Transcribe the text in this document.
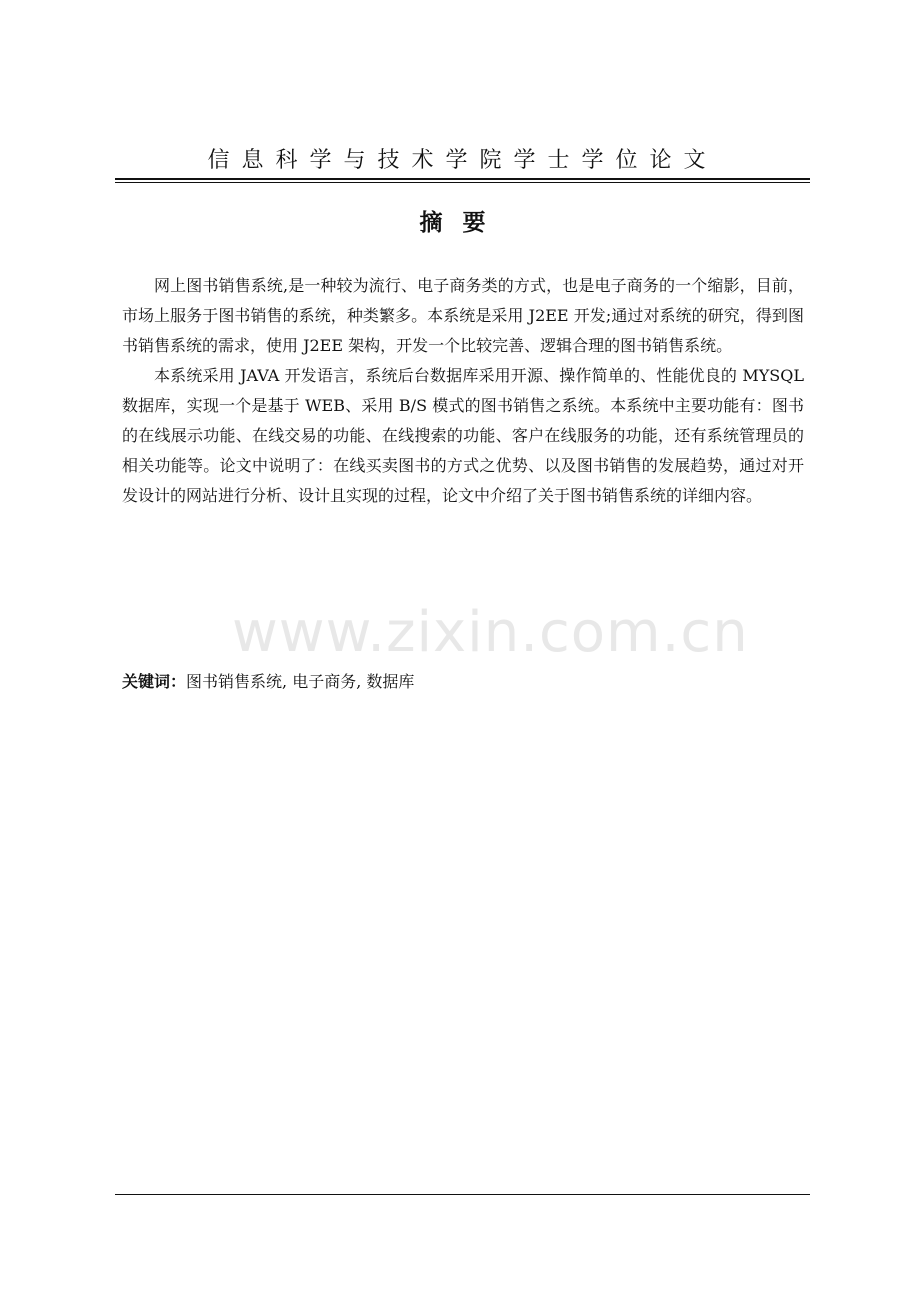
信息科学与技术学院学士学位论文
摘要

网上图书销售系统,是一种较为流行、电子商务类的方式，也是电子商务的一个缩影，目前，市场上服务于图书销售的系统，种类繁多。本系统是采用 J2EE 开发;通过对系统的研究，得到图书销售系统的需求，使用 J2EE 架构，开发一个比较完善、逻辑合理的图书销售系统。

本系统采用 JAVA 开发语言，系统后台数据库采用开源、操作简单的、性能优良的 MYSQL 数据库，实现一个是基于 WEB、采用 B/S 模式的图书销售之系统。本系统中主要功能有：图书的在线展示功能、在线交易的功能、在线搜索的功能、客户在线服务的功能，还有系统管理员的相关功能等。论文中说明了：在线买卖图书的方式之优势、以及图书销售的发展趋势，通过对开发设计的网站进行分析、设计且实现的过程，论文中介绍了关于图书销售系统的详细内容。

www.zixin.com.cn
关键词：图书销售系统, 电子商务, 数据库
